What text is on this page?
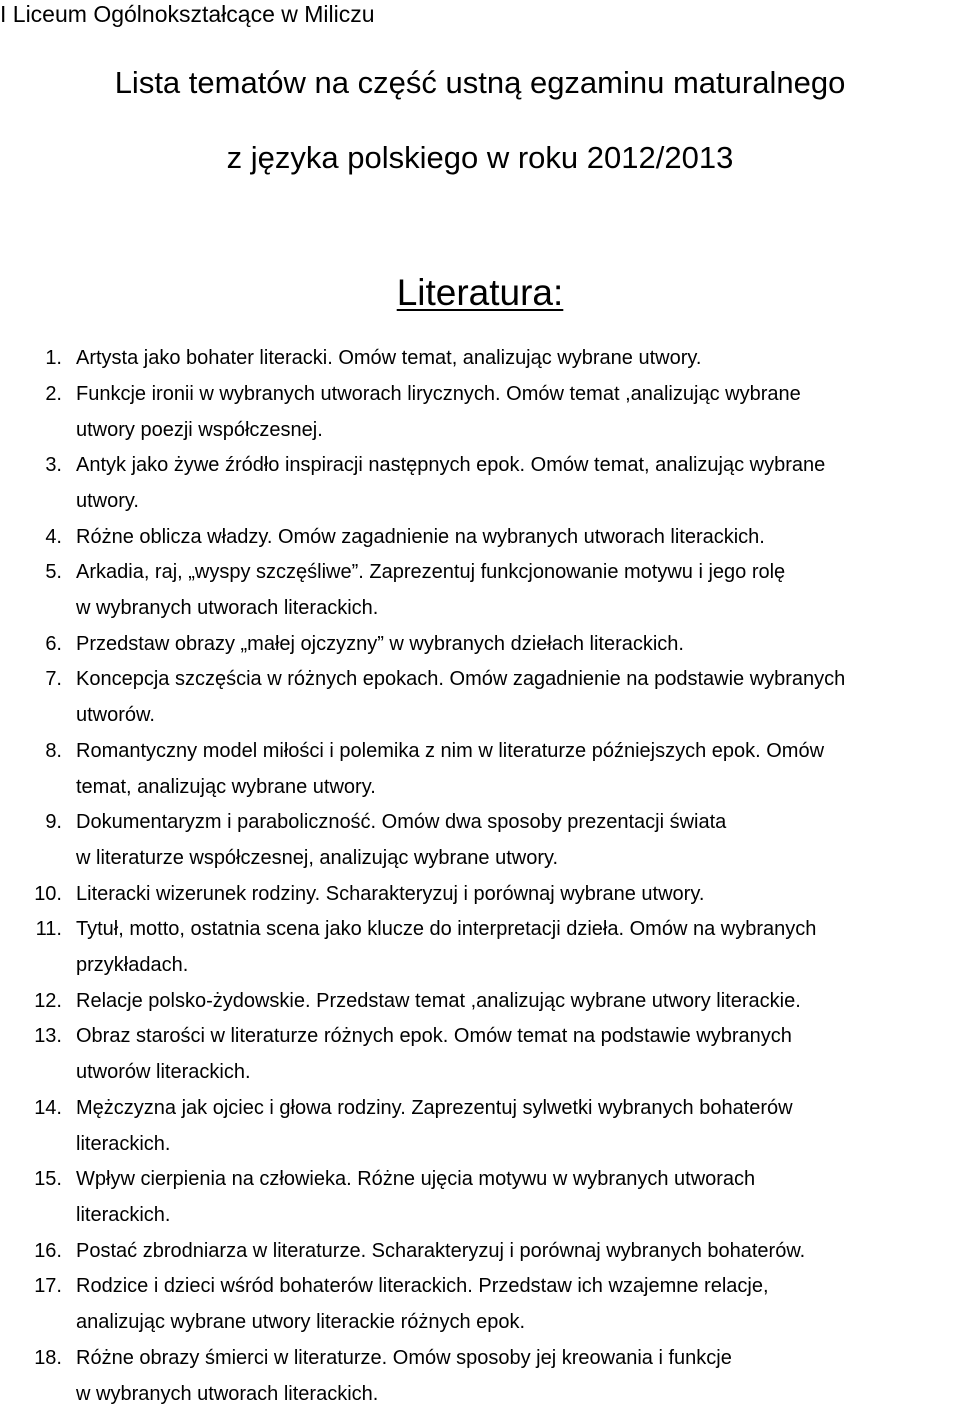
I Liceum Ogólnokształcące w Miliczu
Lista tematów na część ustną egzaminu maturalnego
z języka polskiego w roku 2012/2013
Literatura:
1. Artysta jako bohater literacki. Omów temat, analizując wybrane utwory.
2. Funkcje ironii w wybranych utworach lirycznych. Omów temat ,analizując wybrane
utwory poezji współczesnej.
3. Antyk jako żywe źródło inspiracji następnych epok. Omów temat, analizując wybrane
utwory.
4. Różne oblicza władzy. Omów zagadnienie na wybranych utworach literackich.
5. Arkadia, raj, „wyspy szczęśliwe”. Zaprezentuj funkcjonowanie motywu i jego rolę
w wybranych utworach literackich.
6. Przedstaw obrazy „małej ojczyzny” w wybranych dziełach literackich.
7. Koncepcja szczęścia w różnych epokach. Omów zagadnienie na podstawie wybranych
utworów.
8. Romantyczny model miłości i polemika z nim w literaturze późniejszych epok. Omów
temat, analizując wybrane utwory.
9. Dokumentaryzm i paraboliczność. Omów dwa sposoby prezentacji świata
w literaturze współczesnej, analizując wybrane utwory.
10. Literacki wizerunek rodziny. Scharakteryzuj i porównaj wybrane utwory.
11. Tytuł, motto, ostatnia scena jako klucze do interpretacji dzieła. Omów na wybranych
przykładach.
12. Relacje polsko-żydowskie. Przedstaw temat ,analizując wybrane utwory literackie.
13. Obraz starości w literaturze różnych epok. Omów temat na podstawie wybranych
utworów literackich.
14. Mężczyzna jak ojciec i głowa rodziny. Zaprezentuj sylwetki wybranych bohaterów
literackich.
15. Wpływ cierpienia na człowieka. Różne ujęcia motywu w wybranych utworach
literackich.
16. Postać zbrodniarza w literaturze. Scharakteryzuj i porównaj wybranych bohaterów.
17. Rodzice i dzieci wśród bohaterów literackich. Przedstaw ich wzajemne relacje,
analizując wybrane utwory literackie różnych epok.
18. Różne obrazy śmierci w literaturze. Omów sposoby jej kreowania i funkcje
w wybranych utworach literackich.
